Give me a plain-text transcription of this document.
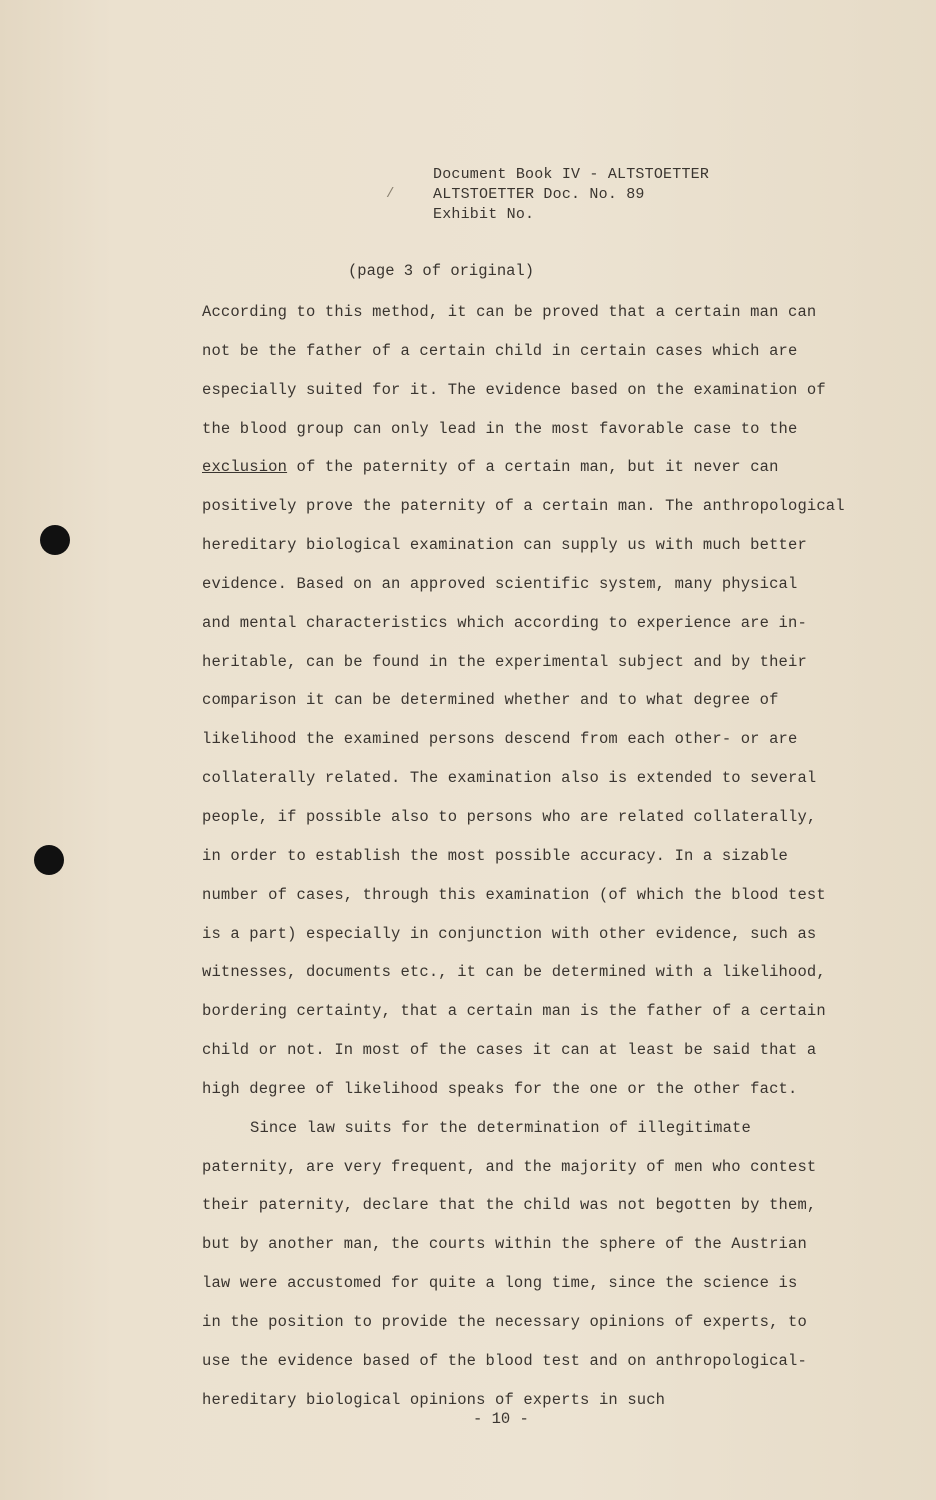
/
Document Book IV - ALTSTOETTER
ALTSTOETTER Doc. No. 89
Exhibit No.
(page 3 of original)
According to this method, it can be proved that a certain man can
not be the father of a certain child in certain cases which are
especially suited for it. The evidence based on the examination of
the blood group can only lead in the most favorable case to the
exclusion of the paternity of a certain man, but it never can
positively prove the paternity of a certain man. The anthropological
hereditary biological examination can supply us with much better
evidence. Based on an approved scientific system, many physical
and mental characteristics which according to experience are in-
heritable, can be found in the experimental subject and by their
comparison it can be determined whether and to what degree of
likelihood the examined persons descend from each other- or are
collaterally related. The examination also is extended to several
people, if possible also to persons who are related collaterally,
in order to establish the most possible accuracy. In a sizable
number of cases, through this examination (of which the blood test
is a part) especially in conjunction with other evidence, such as
witnesses, documents etc., it can be determined with a likelihood,
bordering certainty, that a certain man is the father of a certain
child or not. In most of the cases it can at least be said that a
high degree of likelihood speaks for the one or the other fact.
Since law suits for the determination of illegitimate
paternity, are very frequent, and the majority of men who contest
their paternity, declare that the child was not begotten by them,
but by another man, the courts within the sphere of the Austrian
law were accustomed for quite a long time, since the science is
in the position to provide the necessary opinions of experts, to
use the evidence based of the blood test and on anthropological-
hereditary biological opinions of experts in such
- 10 -
